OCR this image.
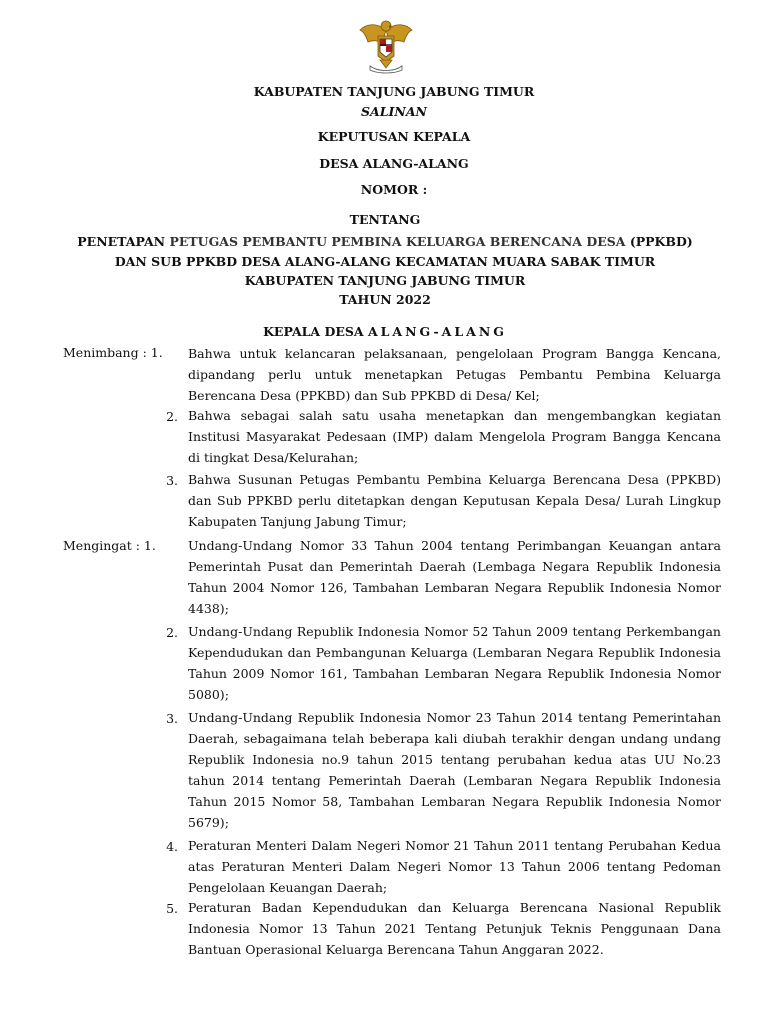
KABUPATEN TANJUNG JABUNG TIMUR
SALINAN
KEPUTUSAN KEPALA
DESA ALANG-ALANG
NOMOR :
TENTANG
PENETAPAN PETUGAS PEMBANTU PEMBINA KELUARGA BERENCANA DESA (PPKBD)
DAN SUB PPKBD DESA ALANG-ALANG KECAMATAN MUARA SABAK TIMUR
KABUPATEN TANJUNG JABUNG TIMUR
TAHUN 2022
KEPALA DESA ALANG-ALANG
Menimbang : 1. Bahwa untuk kelancaran pelaksanaan, pengelolaan Program Bangga Kencana, dipandang perlu untuk menetapkan Petugas Pembantu Pembina Keluarga Berencana Desa (PPKBD) dan Sub PPKBD di Desa/ Kel;
2. Bahwa sebagai salah satu usaha menetapkan dan mengembangkan kegiatan Institusi Masyarakat Pedesaan (IMP) dalam Mengelola Program Bangga Kencana di tingkat Desa/Kelurahan;
3. Bahwa Susunan Petugas Pembantu Pembina Keluarga Berencana Desa (PPKBD) dan Sub PPKBD perlu ditetapkan dengan Keputusan Kepala Desa/ Lurah Lingkup Kabupaten Tanjung Jabung Timur;
Mengingat : 1.	Undang-Undang Nomor 33 Tahun 2004 tentang Perimbangan Keuangan antara Pemerintah Pusat dan Pemerintah Daerah (Lembaga Negara Republik Indonesia Tahun 2004 Nomor 126, Tambahan Lembaran Negara Republik Indonesia Nomor 4438);
2. Undang-Undang Republik Indonesia Nomor 52 Tahun 2009 tentang Perkembangan Kependudukan dan Pembangunan Keluarga (Lembaran Negara Republik Indonesia Tahun 2009 Nomor 161, Tambahan Lembaran Negara Republik Indonesia Nomor 5080);
3. Undang-Undang Republik Indonesia Nomor 23 Tahun 2014 tentang Pemerintahan Daerah, sebagaimana telah beberapa kali diubah terakhir dengan undang undang Republik Indonesia no.9 tahun 2015 tentang perubahan kedua atas UU No.23 tahun 2014 tentang Pemerintah Daerah (Lembaran Negara Republik Indonesia Tahun 2015 Nomor 58, Tambahan Lembaran Negara Republik Indonesia Nomor 5679);
4. Peraturan Menteri Dalam Negeri Nomor 21 Tahun 2011 tentang Perubahan Kedua atas Peraturan Menteri Dalam Negeri Nomor 13 Tahun 2006 tentang Pedoman Pengelolaan Keuangan Daerah;
5. Peraturan Badan Kependudukan dan Keluarga Berencana Nasional Republik Indonesia Nomor 13 Tahun 2021 Tentang Petunjuk Teknis Penggunaan Dana Bantuan Operasional Keluarga Berencana Tahun Anggaran 2022.
